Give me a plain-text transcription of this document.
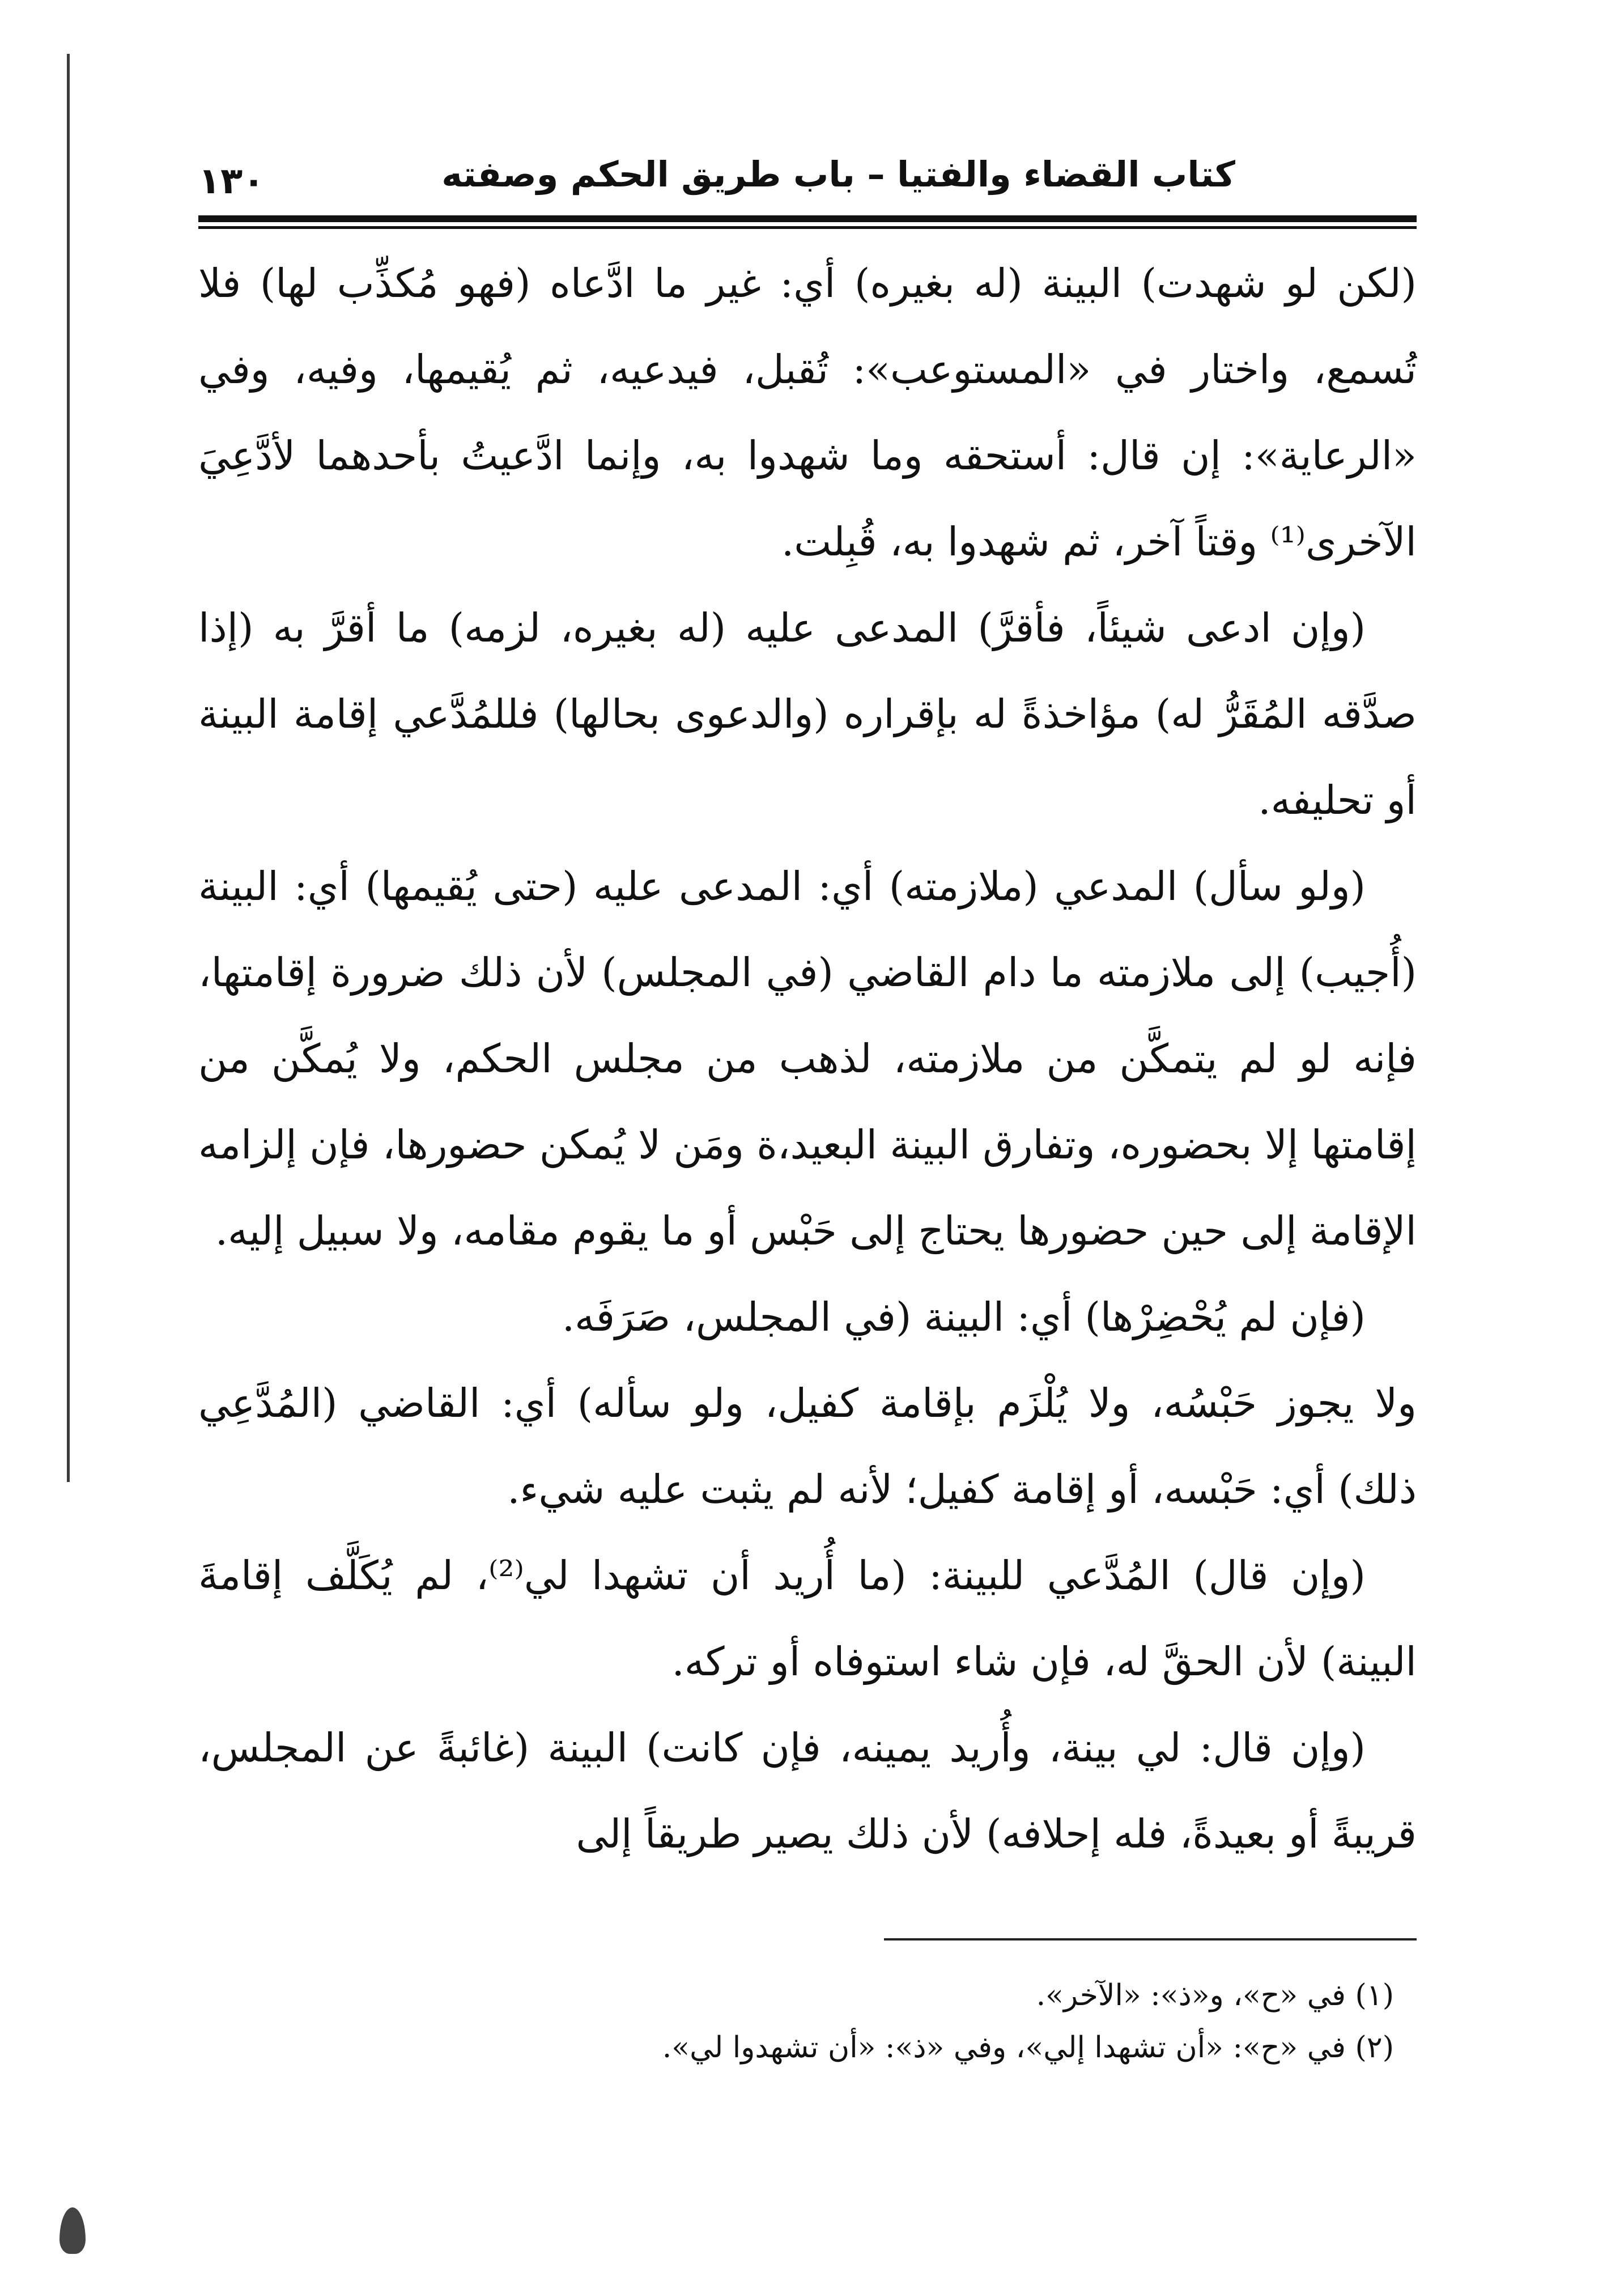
كتاب القضاء والفتيا – باب طريق الحكم وصفته
١٣٠

(لكن لو شهدت) البينة (له بغيره) أي: غير ما ادَّعاه (فهو مُكذِّب لها) فلا تُسمع، واختار في «المستوعب»: تُقبل، فيدعيه، ثم يُقيمها، وفيه، وفي «الرعاية»: إن قال: أستحقه وما شهدوا به، وإنما ادَّعيتُ بأحدهما لأدَّعِيَ الآخرى⁽¹⁾ وقتاً آخر، ثم شهدوا به، قُبِلت.

(وإن ادعى شيئاً، فأقرَّ) المدعى عليه (له بغيره، لزمه) ما أقرَّ به (إذا صدَّقه المُقَرُّ له) مؤاخذةً له بإقراره (والدعوى بحالها) فللمُدَّعي إقامة البينة أو تحليفه.

(ولو سأل) المدعي (ملازمته) أي: المدعى عليه (حتى يُقيمها) أي: البينة (أُجيب) إلى ملازمته ما دام القاضي (في المجلس) لأن ذلك ضرورة إقامتها، فإنه لو لم يتمكَّن من ملازمته، لذهب من مجلس الحكم، ولا يُمكَّن من إقامتها إلا بحضوره، وتفارق البينة البعيد،ة ومَن لا يُمكن حضورها، فإن إلزامه الإقامة إلى حين حضورها يحتاج إلى حَبْس أو ما يقوم مقامه، ولا سبيل إليه.

(فإن لم يُحْضِرْها) أي: البينة (في المجلس، صَرَفَه.

ولا يجوز حَبْسُه، ولا يُلْزَم بإقامة كفيل، ولو سأله) أي: القاضي (المُدَّعِي ذلك) أي: حَبْسه، أو إقامة كفيل؛ لأنه لم يثبت عليه شيء.

(وإن قال) المُدَّعي للبينة: (ما أُريد أن تشهدا لي⁽²⁾، لم يُكَلَّف إقامةَ البينة) لأن الحقَّ له، فإن شاء استوفاه أو تركه.

(وإن قال: لي بينة، وأُريد يمينه، فإن كانت) البينة (غائبةً عن المجلس، قريبةً أو بعيدةً، فله إحلافه) لأن ذلك يصير طريقاً إلى

(١) في «ح»، و«ذ»: «الآخر».

(٢) في «ح»: «أن تشهدا إلي»، وفي «ذ»: «أن تشهدوا لي».
